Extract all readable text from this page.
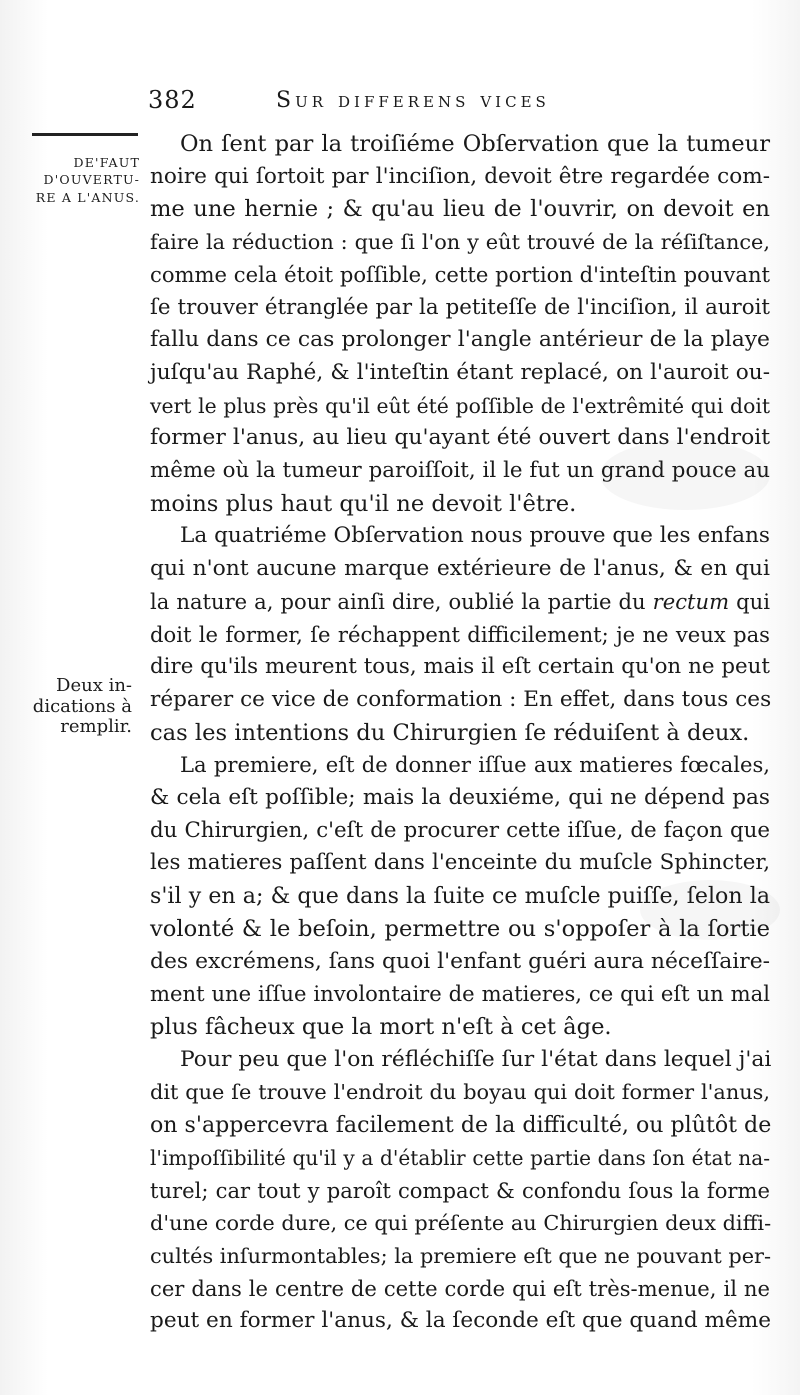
382	Sur differens vices
DE'FAUT
D'OUVERTU-
RE A L'ANUS.
Deux in-
dications à
remplir.
On ſent par la troiſiéme Obſervation que la tumeur
noire qui ſortoit par l'inciſion, devoit être regardée com-
me une hernie ; & qu'au lieu de l'ouvrir, on devoit en
faire la réduction : que ſi l'on y eût trouvé de la réſiſtance,
comme cela étoit poſſible, cette portion d'inteſtin pouvant
ſe trouver étranglée par la petiteſſe de l'inciſion, il auroit
fallu dans ce cas prolonger l'angle antérieur de la playe
juſqu'au Raphé, & l'inteſtin étant replacé, on l'auroit ou-
vert le plus près qu'il eût été poſſible de l'extrêmité qui doit
former l'anus, au lieu qu'ayant été ouvert dans l'endroit
même où la tumeur paroiſſoit, il le fut un grand pouce au
moins plus haut qu'il ne devoit l'être.
La quatriéme Obſervation nous prouve que les enfans
qui n'ont aucune marque extérieure de l'anus, & en qui
la nature a, pour ainſi dire, oublié la partie du rectum qui
doit le former, ſe réchappent difficilement; je ne veux pas
dire qu'ils meurent tous, mais il eſt certain qu'on ne peut
réparer ce vice de conformation : En effet, dans tous ces
cas les intentions du Chirurgien ſe réduiſent à deux.
La premiere, eſt de donner iſſue aux matieres fœcales,
& cela eſt poſſible; mais la deuxiéme, qui ne dépend pas
du Chirurgien, c'eſt de procurer cette iſſue, de façon que
les matieres paſſent dans l'enceinte du muſcle Sphincter,
s'il y en a; & que dans la ſuite ce muſcle puiſſe, ſelon la
volonté & le beſoin, permettre ou s'oppoſer à la ſortie
des excrémens, ſans quoi l'enfant guéri aura néceſſaire-
ment une iſſue involontaire de matieres, ce qui eſt un mal
plus fâcheux que la mort n'eſt à cet âge.
Pour peu que l'on réfléchiſſe ſur l'état dans lequel j'ai
dit que ſe trouve l'endroit du boyau qui doit former l'anus,
on s'appercevra facilement de la difficulté, ou plûtôt de
l'impoſſibilité qu'il y a d'établir cette partie dans ſon état na-
turel; car tout y paroît compact & confondu ſous la forme
d'une corde dure, ce qui préſente au Chirurgien deux diffi-
cultés inſurmontables; la premiere eſt que ne pouvant per-
cer dans le centre de cette corde qui eſt très-menue, il ne
peut en former l'anus, & la ſeconde eſt que quand même
